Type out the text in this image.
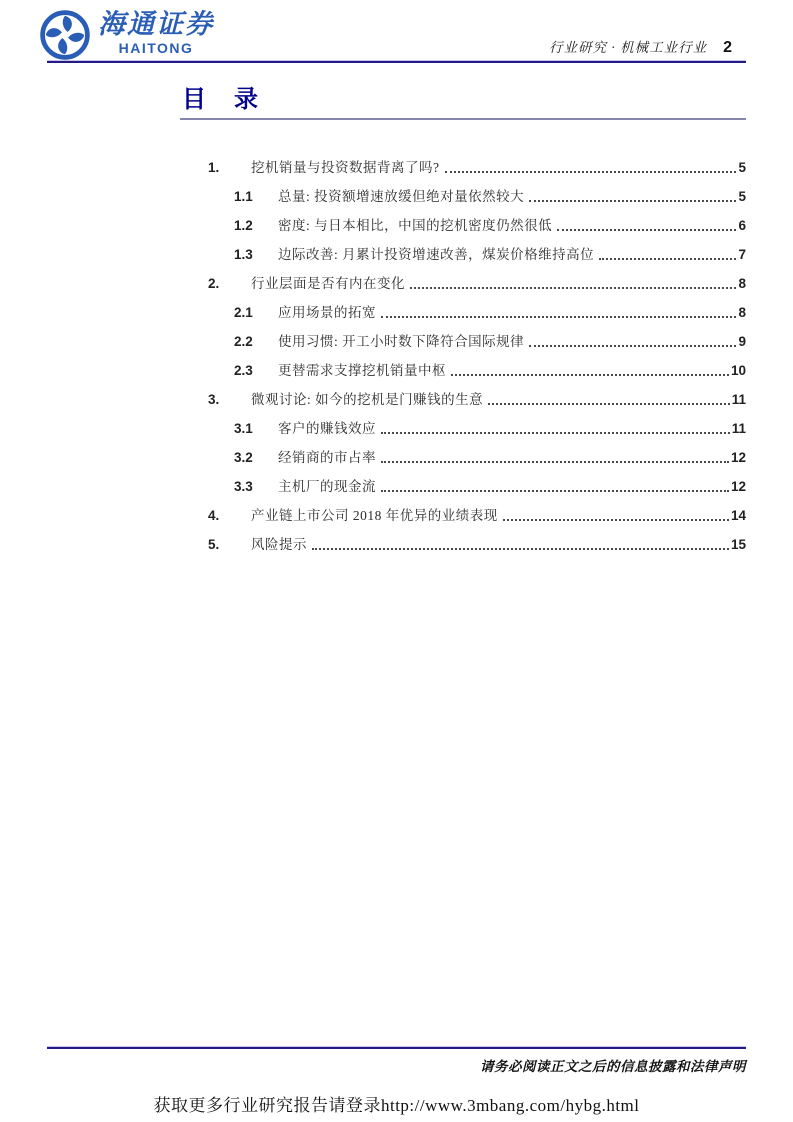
海通证券
HAITONG	行业研究 · 机械工业行业 2
目　录
1.	挖机销量与投资数据背离了吗?	5
1.1	总量: 投资额增速放缓但绝对量依然较大	5
1.2	密度: 与日本相比，中国的挖机密度仍然很低	6
1.3	边际改善: 月累计投资增速改善，煤炭价格维持高位	7
2.	行业层面是否有内在变化	8
2.1	应用场景的拓宽	8
2.2	使用习惯: 开工小时数下降符合国际规律	9
2.3	更替需求支撑挖机销量中枢	10
3.	微观讨论: 如今的挖机是门赚钱的生意	11
3.1	客户的赚钱效应	11
3.2	经销商的市占率	12
3.3	主机厂的现金流	12
4.	产业链上市公司 2018 年优异的业绩表现	14
5.	风险提示	15
请务必阅读正文之后的信息披露和法律声明
获取更多行业研究报告请登录http://www.3mbang.com/hybg.html
